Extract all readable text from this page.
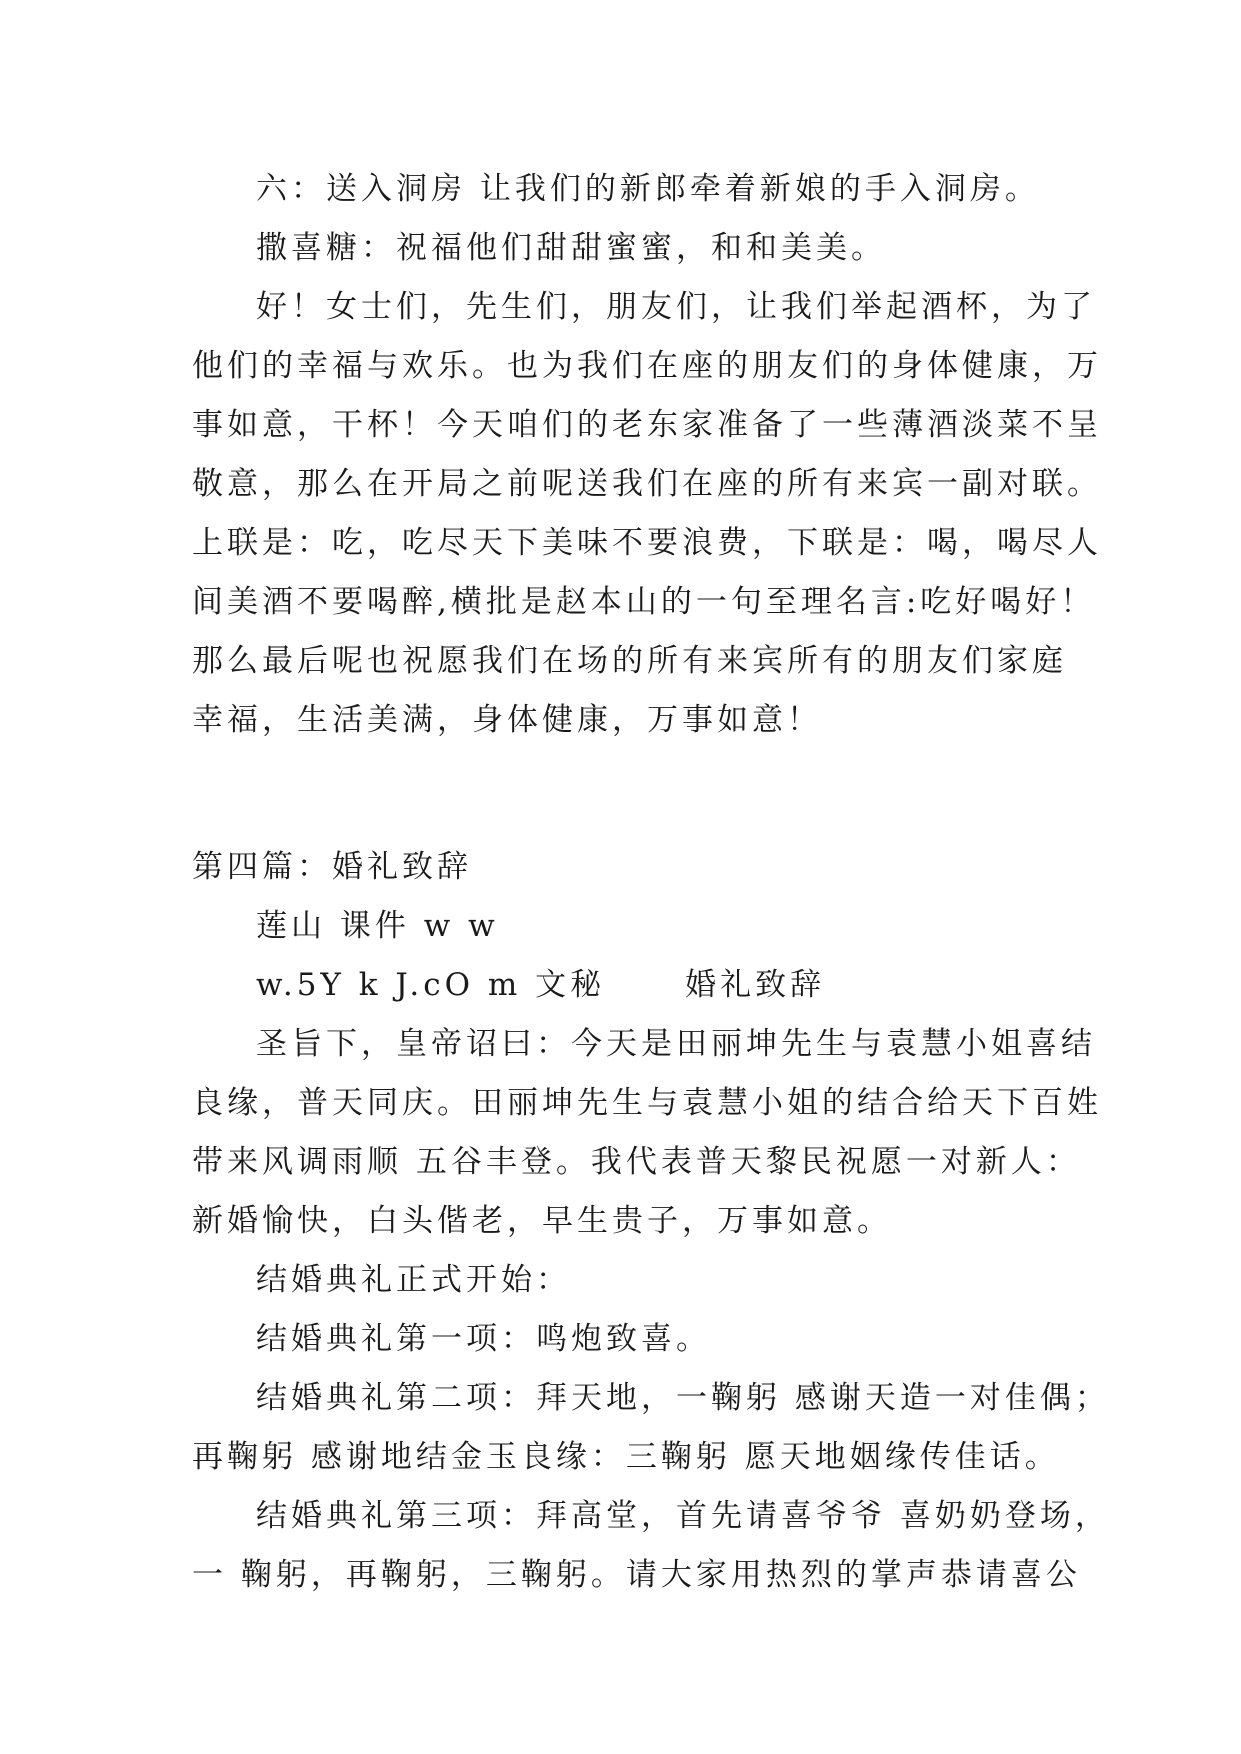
六：送入洞房 让我们的新郎牵着新娘的手入洞房。
撒喜糖：祝福他们甜甜蜜蜜，和和美美。
好！女士们，先生们，朋友们，让我们举起酒杯，为了
他们的幸福与欢乐。也为我们在座的朋友们的身体健康，万
事如意，干杯！今天咱们的老东家准备了一些薄酒淡菜不呈
敬意，那么在开局之前呢送我们在座的所有来宾一副对联。
上联是：吃，吃尽天下美味不要浪费，下联是：喝，喝尽人
间美酒不要喝醉,横批是赵本山的一句至理名言:吃好喝好！
那么最后呢也祝愿我们在场的所有来宾所有的朋友们家庭
幸福，生活美满，身体健康，万事如意！
第四篇：婚礼致辞
莲山 课件 w w
w.5Y k J.cO m 文秘	婚礼致辞
圣旨下，皇帝诏曰：今天是田丽坤先生与袁慧小姐喜结
良缘，普天同庆。田丽坤先生与袁慧小姐的结合给天下百姓
带来风调雨顺 五谷丰登。我代表普天黎民祝愿一对新人：
新婚愉快，白头偕老，早生贵子，万事如意。
结婚典礼正式开始：
结婚典礼第一项：鸣炮致喜。
结婚典礼第二项：拜天地，一鞠躬 感谢天造一对佳偶；
再鞠躬 感谢地结金玉良缘：三鞠躬 愿天地姻缘传佳话。
结婚典礼第三项：拜高堂，首先请喜爷爷 喜奶奶登场，
一 鞠躬，再鞠躬，三鞠躬。请大家用热烈的掌声恭请喜公
